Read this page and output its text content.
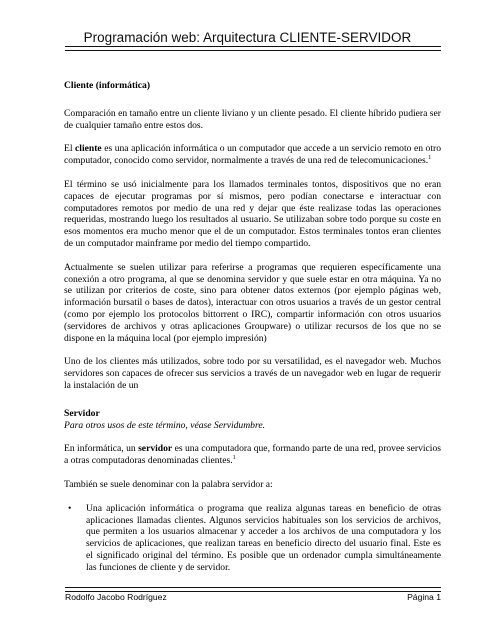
Programación web: Arquitectura CLIENTE-SERVIDOR

Cliente (informática)

Comparación en tamaño entre un cliente liviano y un cliente pesado. El cliente híbrido pudiera ser de cualquier tamaño entre estos dos.

El cliente es una aplicación informática o un computador que accede a un servicio remoto en otro computador, conocido como servidor, normalmente a través de una red de telecomunicaciones.$^1$

El término se usó inicialmente para los llamados terminales tontos, dispositivos que no eran capaces de ejecutar programas por sí mismos, pero podían conectarse e interactuar con computadores remotos por medio de una red y dejar que éste realizase todas las operaciones requeridas, mostrando luego los resultados al usuario. Se utilizaban sobre todo porque su coste en esos momentos era mucho menor que el de un computador. Estos terminales tontos eran clientes de un computador mainframe por medio del tiempo compartido.

Actualmente se suelen utilizar para referirse a programas que requieren específicamente una conexión a otro programa, al que se denomina servidor y que suele estar en otra máquina. Ya no se utilizan por criterios de coste, sino para obtener datos externos (por ejemplo páginas web, información bursatil o bases de datos), interactuar con otros usuarios a través de un gestor central (como por ejemplo los protocolos bittorrent o IRC), compartir información con otros usuarios (servidores de archivos y otras aplicaciones Groupware) o utilizar recursos de los que no se dispone en la máquina local (por ejemplo impresión)

Uno de los clientes más utilizados, sobre todo por su versatilidad, es el navegador web. Muchos servidores son capaces de ofrecer sus servicios a través de un navegador web en lugar de requerir la instalación de un

Servidor

Para otros usos de este término, véase Servidumbre.

En informática, un servidor es una computadora que, formando parte de una red, provee servicios a otras computadoras denominadas clientes.$^1$

También se suele denominar con la palabra servidor a:

• Una aplicación informática o programa que realiza algunas tareas en beneficio de otras aplicaciones llamadas clientes. Algunos servicios habituales son los servicios de archivos, que permiten a los usuarios almacenar y acceder a los archivos de una computadora y los servicios de aplicaciones, que realizan tareas en beneficio directo del usuario final. Este es el significado original del término. Es posible que un ordenador cumpla simultáneamente las funciones de cliente y de servidor.
Rodolfo Jacobo Rodríguez	Página 1
